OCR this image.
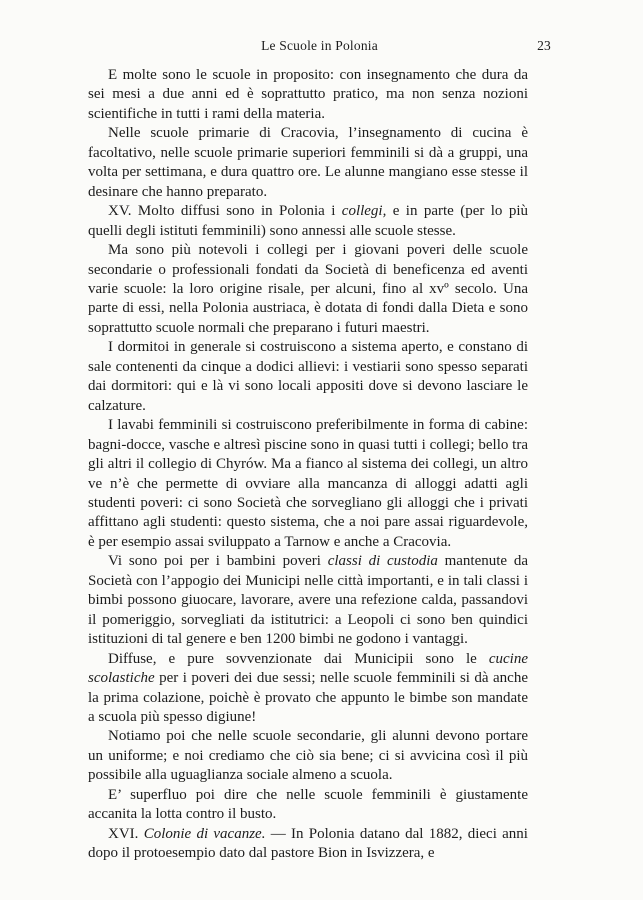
Le Scuole in Polonia	23

E molte sono le scuole in proposito: con insegnamento che dura da sei mesi a due anni ed è soprattutto pratico, ma non senza nozioni scientifiche in tutti i rami della materia.

Nelle scuole primarie di Cracovia, l’insegnamento di cucina è facoltativo, nelle scuole primarie superiori femminili si dà a gruppi, una volta per settimana, e dura quattro ore. Le alunne mangiano esse stesse il desinare che hanno preparato.

XV. Molto diffusi sono in Polonia i collegi, e in parte (per lo più quelli degli istituti femminili) sono annessi alle scuole stesse.

Ma sono più notevoli i collegi per i giovani poveri delle scuole secondarie o professionali fondati da Società di beneficenza ed aventi varie scuole: la loro origine risale, per alcuni, fino al xvº secolo. Una parte di essi, nella Polonia austriaca, è dotata di fondi dalla Dieta e sono soprattutto scuole normali che preparano i futuri maestri.

I dormitoi in generale si costruiscono a sistema aperto, e constano di sale contenenti da cinque a dodici allievi: i vestiarii sono spesso separati dai dormitori: qui e là vi sono locali appositi dove si devono lasciare le calzature.

I lavabi femminili si costruiscono preferibilmente in forma di cabine: bagni-docce, vasche e altresì piscine sono in quasi tutti i collegi; bello tra gli altri il collegio di Chyrów. Ma a fianco al sistema dei collegi, un altro ve n’è che permette di ovviare alla mancanza di alloggi adatti agli studenti poveri: ci sono Società che sorvegliano gli alloggi che i privati affittano agli studenti: questo sistema, che a noi pare assai riguardevole, è per esempio assai sviluppato a Tarnow e anche a Cracovia.

Vi sono poi per i bambini poveri classi di custodia mantenute da Società con l’appogio dei Municipi nelle città importanti, e in tali classi i bimbi possono giuocare, lavorare, avere una refezione calda, passandovi il pomeriggio, sorvegliati da istitutrici: a Leopoli ci sono ben quindici istituzioni di tal genere e ben 1200 bimbi ne godono i vantaggi.

Diffuse, e pure sovvenzionate dai Municipii sono le cucine scolastiche per i poveri dei due sessi; nelle scuole femminili si dà anche la prima colazione, poichè è provato che appunto le bimbe son mandate a scuola più spesso digiune!

Notiamo poi che nelle scuole secondarie, gli alunni devono portare un uniforme; e noi crediamo che ciò sia bene; ci si avvicina così il più possibile alla uguaglianza sociale almeno a scuola.

E’ superfluo poi dire che nelle scuole femminili è giustamente accanita la lotta contro il busto.

XVI. Colonie di vacanze. — In Polonia datano dal 1882, dieci anni dopo il protoesempio dato dal pastore Bion in Isvizzera, e
